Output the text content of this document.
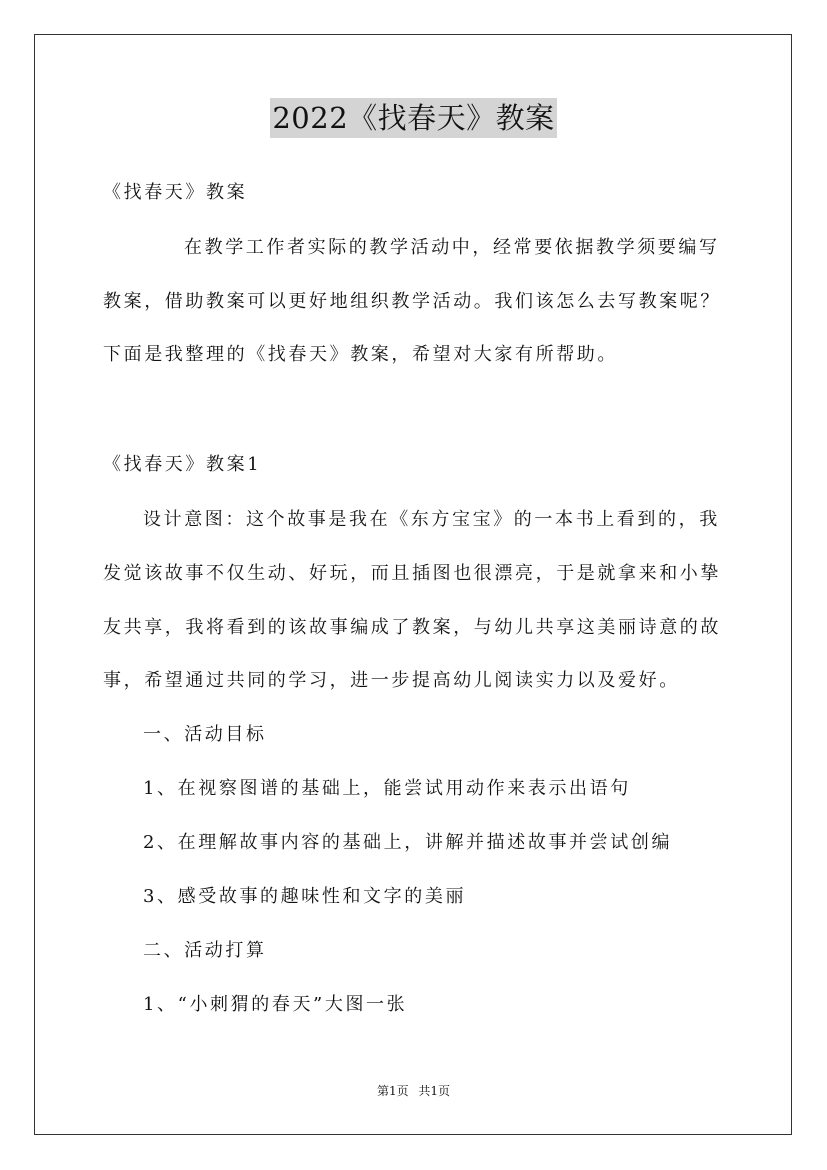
2022《找春天》教案
《找春天》教案
在教学工作者实际的教学活动中，经常要依据教学须要编写
教案，借助教案可以更好地组织教学活动。我们该怎么去写教案呢？
下面是我整理的《找春天》教案，希望对大家有所帮助。
《找春天》教案1
设计意图：这个故事是我在《东方宝宝》的一本书上看到的，我
发觉该故事不仅生动、好玩，而且插图也很漂亮，于是就拿来和小挚
友共享，我将看到的该故事编成了教案，与幼儿共享这美丽诗意的故
事，希望通过共同的学习，进一步提高幼儿阅读实力以及爱好。
一、活动目标
1、在视察图谱的基础上，能尝试用动作来表示出语句
2、在理解故事内容的基础上，讲解并描述故事并尝试创编
3、感受故事的趣味性和文字的美丽
二、活动打算
1、“小刺猬的春天”大图一张
第1页 共1页
